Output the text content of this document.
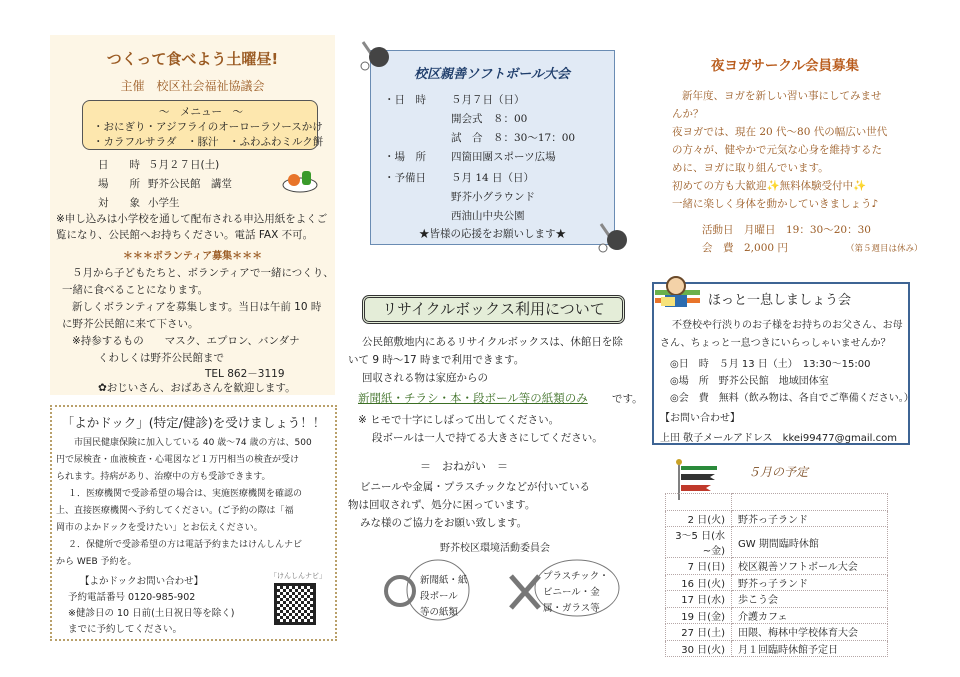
つくって食べよう土曜昼!
主催　校区社会福祉協議会
～　メニュー　～
・おにぎり・アジフライのオーローラソースかけ
・カラフルサラダ　・豚汁　・ふわふわミルク餅
日　　時 ５月２７日(土)
場　　所 野芥公民館　講堂
対　　象 小学生
※申し込みは小学校を通して配布される申込用紙をよくご
覧になり、公民館へお持ちください。電話 FAX 不可。
＊＊＊ボランティア募集＊＊＊
５月から子どもたちと、ボランティアで一緒につくり、
一緒に食べることになります。
新しくボランティアを募集します。当日は午前 10 時
に野芥公民館に来て下さい。
※持参するもの　　マスク、エプロン、バンダナ
くわしくは野芥公民館まで
TEL 862－3119
✿おじいさん、おばあさんを歓迎します。
「よかドック」(特定/健診)を受けましょう！！
市国民健康保険に加入している 40 歳～74 歳の方は、500
円で尿検査・血液検査・心電図など１万円相当の検査が受け
られます。持病があり、治療中の方も受診できます。
１．医療機関で受診希望の場合は、実施医療機関を確認の
上、直接医療機関へ予約してください。(ご予約の際は「福
岡市のよかドックを受けたい」とお伝えください。
２．保健所で受診希望の方は電話予約またはけんしんナビ
から WEB 予約を。
「けんしんナビ」
【よかドックお問い合わせ】
予約電話番号 0120-985-902
※健診日の 10 日前(土日祝日等を除く)
までに予約してください。
校区親善ソフトボール大会
・日　時 ５月７日（日）
開会式　８：00
試　合　８：30～17：00
・場　所 四箇田團スポーツ広場
・予備日 ５月 14 日（日）
野芥小グラウンド
西油山中央公園
★皆様の応援をお願いします★
リサイクルボックス利用について
公民館敷地内にあるリサイクルボックスは、休館日を除
いて 9 時～17 時まで利用できます。
回収される物は家庭からの
新聞紙・チラシ・本・段ボール等の紙類のみ です。
※ ヒモで十字にしばって出してください。
段ボールは一人で持てる大きさにしてください。
＝　おねがい　＝
ビニールや金属・プラスチックなどが付いている
物は回収されず、処分に困っています。
みな様のご協力をお願い致します。
野芥校区環境活動委員会
新聞紙・紙
段ボール
等の紙類
プラスチック・
ビニール・金
属・ガラス等
夜ヨガサークル会員募集
新年度、ヨガを新しい習い事にしてみませ
んか？
夜ヨガでは、現在 20 代～80 代の幅広い世代
の方々が、健やかで元気な心身を維持するた
めに、ヨガに取り組んでいます。
初めての方も大歓迎✨無料体験受付中✨
一緒に楽しく身体を動かしていきましょう♪
活動日　月曜日　19：30～20：30
会　費　2,000 円	（第５週目は休み）
ほっと一息しましょう会
不登校や行渋りのお子様をお持ちのお父さん、お母
さん、ちょっと一息つきにいらっしゃいませんか？
◎日　時　５月 13 日（土）　13:30～15:00
◎場　所　野芥公民館　地域団体室
◎会　費　無料（飲み物は、各自でご準備ください。）
【お問い合わせ】
上田 敬子メールアドレス　kkei99477@gmail.com
５月の予定

2 日(火)	野芥っ子ランド
3～5 日(水~金)	GW 期間臨時休館
7 日(日)	校区親善ソフトボール大会
16 日(火)	野芥っ子ランド
17 日(水)	歩こう会
19 日(金)	介護カフェ
27 日(土)	田隈、梅林中学校体育大会
30 日(火)	月１回臨時休館予定日
